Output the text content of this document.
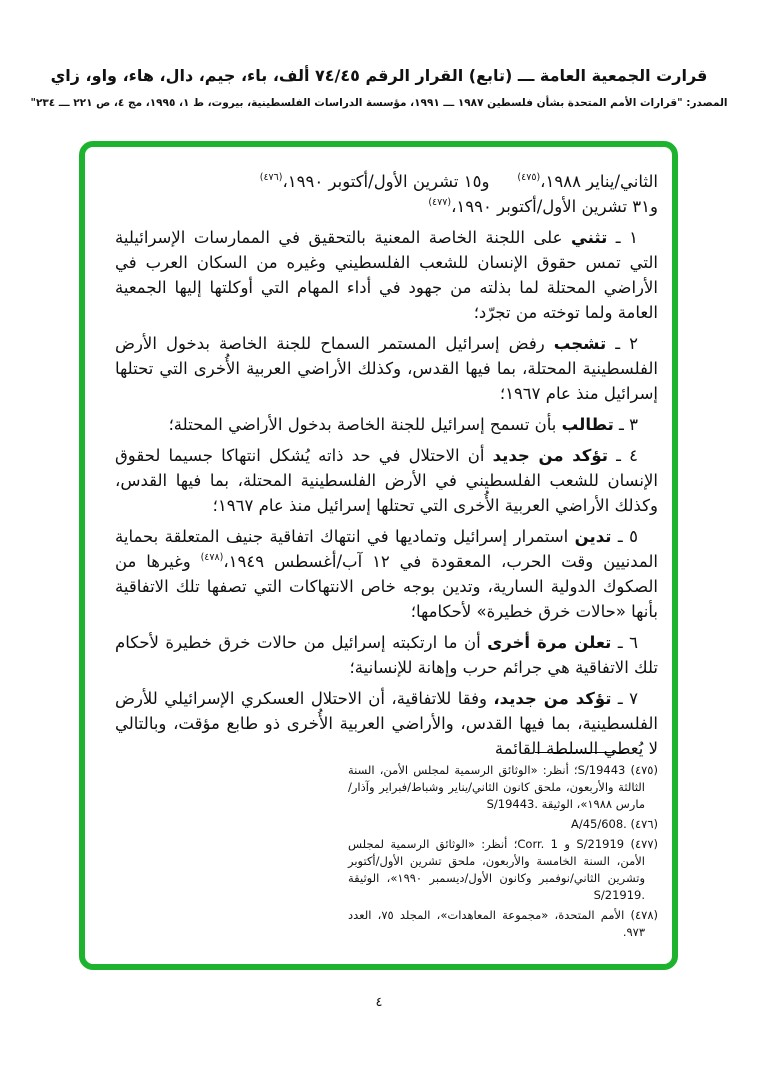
قرارت الجمعية العامة ـــ (تابع) القرار الرقم ٧٤/٤٥ ألف، باء، جيم، دال، هاء، واو، زاي
المصدر: "قرارات الأمم المتحدة بشأن فلسطين ١٩٨٧ ـــ ١٩٩١، مؤسسة الدراسات الفلسطينية، بيروت، ط ١، ١٩٩٥، مج ٤، ص ٢٢١ ـــ ٢٣٤"
الثاني/يناير ١٩٨٨،$^{(٤٧٥)}$و١٥ تشرين الأول/أكتوبر ١٩٩٠،$^{(٤٧٦)}$
و٣١ تشرين الأول/أكتوبر ١٩٩٠،$^{(٤٧٧)}$
١ ـ تثني على اللجنة الخاصة المعنية بالتحقيق في الممارسات الإسرائيلية التي تمس حقوق الإنسان للشعب الفلسطيني وغيره من السكان العرب في الأراضي المحتلة لما بذلته من جهود في أداء المهام التي أوكلتها إليها الجمعية العامة ولما توخته من تجرّد؛
٢ ـ تشجب رفض إسرائيل المستمر السماح للجنة الخاصة بدخول الأرض الفلسطينية المحتلة، بما فيها القدس، وكذلك الأراضي العربية الأُخرى التي تحتلها إسرائيل منذ عام ١٩٦٧؛
٣ ـ تطالب بأن تسمح إسرائيل للجنة الخاصة بدخول الأراضي المحتلة؛
٤ ـ تؤكد من جديد أن الاحتلال في حد ذاته يُشكل انتهاكا جسيما لحقوق الإنسان للشعب الفلسطيني في الأرض الفلسطينية المحتلة، بما فيها القدس، وكذلك الأراضي العربية الأُخرى التي تحتلها إسرائيل منذ عام ١٩٦٧؛
٥ ـ تدين استمرار إسرائيل وتماديها في انتهاك اتفاقية جنيف المتعلقة بحماية المدنيين وقت الحرب، المعقودة في ١٢ آب/أغسطس ١٩٤٩،$^{(٤٧٨)}$ وغيرها من الصكوك الدولية السارية، وتدين بوجه خاص الانتهاكات التي تصفها تلك الاتفاقية بأنها «حالات خرق خطيرة» لأحكامها؛
٦ ـ تعلن مرة أخرى أن ما ارتكبته إسرائيل من حالات خرق خطيرة لأحكام تلك الاتفاقية هي جرائم حرب وإهانة للإنسانية؛
٧ ـ تؤكد من جديد، وفقا للاتفاقية، أن الاحتلال العسكري الإسرائيلي للأرض الفلسطينية، بما فيها القدس، والأراضي العربية الأُخرى ذو طابع مؤقت، وبالتالي لا يُعطي السلطة القائمة
(٤٧٥) S/19443؛ أنظر: «الوثائق الرسمية لمجلس الأمن، السنة الثالثة والأربعون، ملحق كانون الثاني/يناير وشباط/فبراير وآذار/مارس ١٩٨٨»، الوثيقة S/19443.‎
(٤٧٦) A/45/608.‎
(٤٧٧) S/21919 و Corr. 1؛ أنظر: «الوثائق الرسمية لمجلس الأمن، السنة الخامسة والأربعون، ملحق تشرين الأول/أكتوبر وتشرين الثاني/نوفمبر وكانون الأول/ديسمبر ١٩٩٠»، الوثيقة S/21919.‎
(٤٧٨) الأمم المتحدة، «مجموعة المعاهدات»، المجلد ٧٥، العدد ٩٧٣.
٤
